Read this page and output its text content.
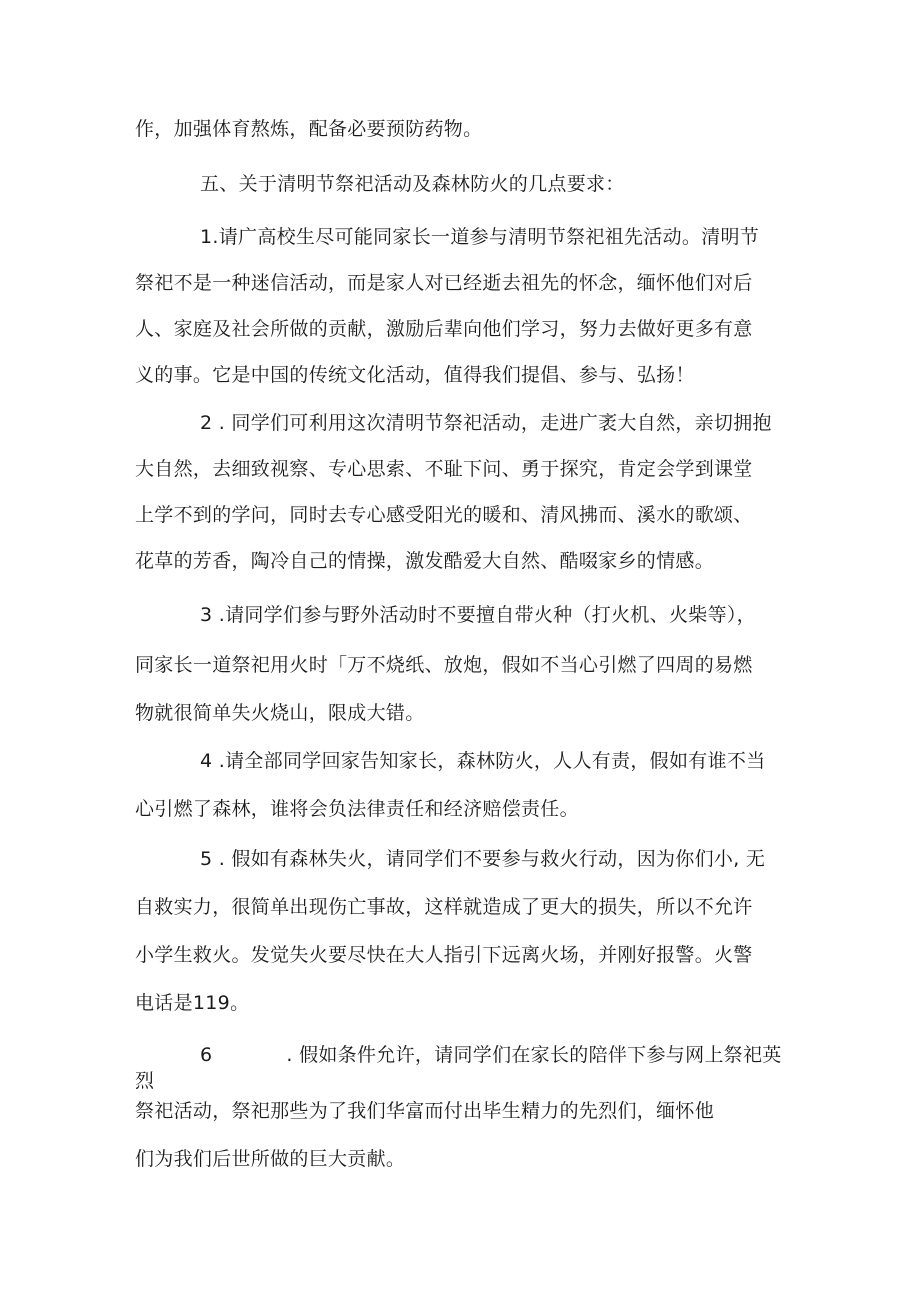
作，加强体育熬炼，配备必要预防药物。
五、关于清明节祭祀活动及森林防火的几点要求：
1.请广高校生尽可能同家长一道参与清明节祭祀祖先活动。清明节
祭祀不是一种迷信活动，而是家人对已经逝去祖先的怀念，缅怀他们对后
人、家庭及社会所做的贡献，激励后辈向他们学习，努力去做好更多有意
义的事。它是中国的传统文化活动，值得我们提倡、参与、弘扬！
2 . 同学们可利用这次清明节祭祀活动，走进广袤大自然，亲切拥抱
大自然，去细致视察、专心思索、不耻下问、勇于探究，肯定会学到课堂
上学不到的学问，同时去专心感受阳光的暖和、清风拂而、溪水的歌颂、
花草的芳香，陶冷自己的情操，激发酷爱大自然、酷啜家乡的情感。
3 .请同学们参与野外活动时不要擅自带火种（打火机、火柴等），
同家长一道祭祀用火时「万不烧纸、放炮，假如不当心引燃了四周的易燃
物就很简单失火烧山，限成大错。
4 .请全部同学回家告知家长，森林防火，人人有责，假如有谁不当
心引燃了森林，谁将会负法律责任和经济赔偿责任。
5 . 假如有森林失火，请同学们不要参与救火行动，因为你们小, 无
自救实力，很简单出现伤亡事故，这样就造成了更大的损失，所以不允许
小学生救火。发觉失火要尽快在大人指引下远离火场，并刚好报警。火警
电话是119。
6	. 假如条件允许，请同学们在家长的陪伴下参与网上祭祀英
烈
祭祀活动，祭祀那些为了我们华富而付出毕生精力的先烈们，缅怀他
们为我们后世所做的巨大贡献。
